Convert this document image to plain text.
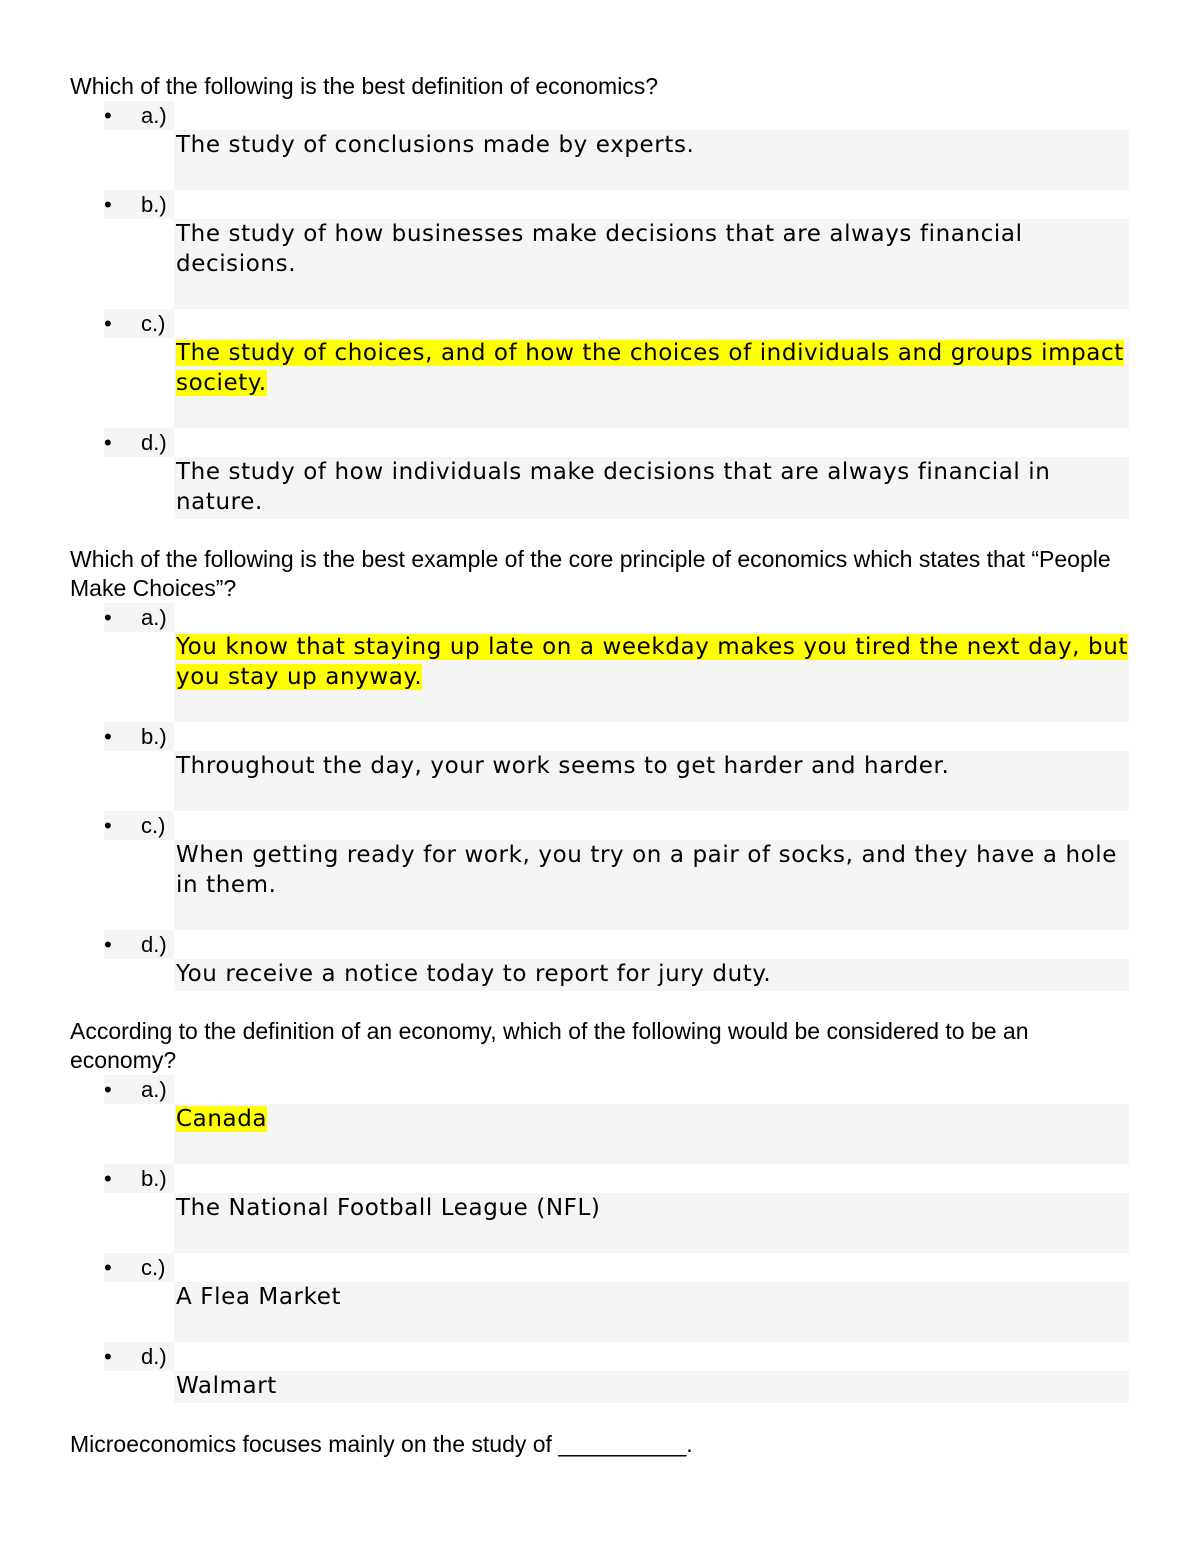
Which of the following is the best definition of economics?

• a.)
The study of conclusions made by experts.
• b.)
The study of how businesses make decisions that are always financial decisions.
• c.)
The study of choices, and of how the choices of individuals and groups impact society.
• d.)
The study of how individuals make decisions that are always financial in nature.

Which of the following is the best example of the core principle of economics which states that “People Make Choices”?

• a.)
You know that staying up late on a weekday makes you tired the next day, but you stay up anyway.
• b.)
Throughout the day, your work seems to get harder and harder.
• c.)
When getting ready for work, you try on a pair of socks, and they have a hole in them.
• d.)
You receive a notice today to report for jury duty.

According to the definition of an economy, which of the following would be considered to be an economy?

• a.)
Canada
• b.)
The National Football League (NFL)
• c.)
A Flea Market
• d.)
Walmart

Microeconomics focuses mainly on the study of __________.
